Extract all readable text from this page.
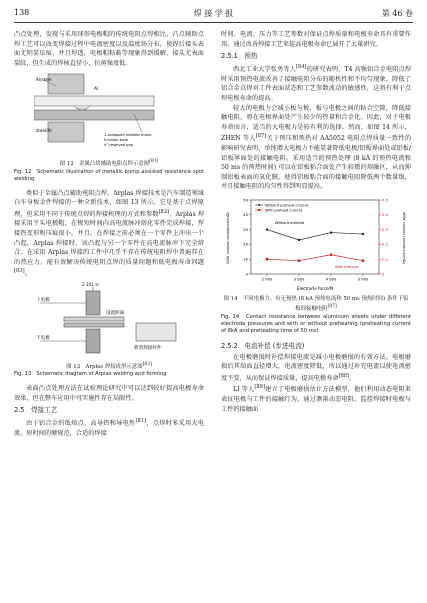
138	焊 接 学 报	第 46 卷

凸点处理，发现与采用球形电极帽的传统电阻点焊相比，凸点辅助点焊工艺可以改变焊接过程中电流密度以及温度场分布，使焊后接头表面无明显压痕，并且焊透，电极帽粘黏等现象得到缓解，接头无表面裂纹，但生成的焊核直径小，抗剪强度低。

Al/steel
Al
steel/Al
1-collapsed metallic bump
II-fusion zone
h°-reserved gap
图 12　金属凸块辅助电阻点焊示意图[81]
Fig. 12　Schematic illustration of metallic bump assisted resistance spot welding

类似于金属凸点辅助电阻点焊，Arplas 焊接技术是汽车制造领域白车身板金件焊接的一种全新技术，如图 13 所示，它是基于点焊原理，但采用不同于传统点焊的焊接机理的方式和参数[82]。Arplas 焊接采用平头电极帽，在极短时间内高电流脉冲熔化零件完成焊接，焊接热变形和压痕很小，并且，在焊接之前必须在一个零件上冲出一个凸起，Arplas 焊接时，该凸起与另一个零件在高电流脉冲下完全熔合。在采用 Arplas 焊接的工件中几乎不存在传统电阻焊中普遍存在的热应力，能有效解决传统电阻点焊的质量问题和低电极寿命问题[83]。

2 241 ls
上电极
设置距离
下电极
典型焊接样件
图 13　Arplas 焊接成形示意图[83]
Fig. 13　Schematic diagram of Arplas welding and forming

表面凸点处理方法在试验理论研究中可以达到较好提高电极寿命效果，但在整车应用中可实施性存在局限性。

2.5　焊接工艺

由于铝合金的低熔点、高导热和导电性[81]，点焊时多采用大电流、短时间的硬规范，合适的焊接

时间、电流、压力等工艺参数对保证点焊质量和电极寿命具有重要作用。通过改善焊接工艺来提高电极寿命已展开了大量研究。

2.5.1　预热

西北工业大学张勇等人[84]的研究表明，T4 高强铝合金电阻点焊时采用预热电流改善了接触电阻分布的随机性和不均匀现象，降低了铝合金点焊对工件表面状态和工艺参数波动的敏感性，这将有利于点焊电极寿命的提高。

较大的电极力会减小板与板、板与电极之间的粘合空隙，降低接触电阻，将在电极界面处产生较少的热量和合金化。因此，对于电极寿命而言，适当的大电极力是较有利的选择。然而，如图 14 所示，ZHEN 等人[87]关于预压和预热对 AA5052 电阻点焊质量一致性的影响研究表明，单纯增大电极力不能显著降低电极/铝板界面处或铝板/铝板界面处的接触电阻。采用适当的预热处理 (8 kA 的预热电流和 50 ms 的预热时间) 可以在铝板粘合面处产生较微的熔融区，从而抑制铝板表面的氧化膜，使得铝板粘合面的接触电阻降低两个数量级，并且接触电阻的均匀性得到明显提高。

W/W contact resistance(mΩ)	W/W contact resistance(mΩ)
Electrode force/N
2 000	3 000	4 000	5 000
0
10
20
30
40
50
0
0.1
0.2
0.3
0.4
0.5
Without preheat current
With preheat current
Without preheat
With preheat
图 14　不同电极力、有无预热 (8 kA 预热电流和 50 ms 预热时间) 条件下铝板间接触电阻[87]
Fig. 14　Contact resistance between aluminum sheets under different electrode pressures and with or without preheating (preheating current of 8kA and preheating time of 50 ms)
2.5.2　电流补偿 (步进电流)

在电极磨损时补偿焊接电流是减小电极磨损的有效方法。电极磨损后其端面直径增大，电流密度降低，所以通过补充电流以使电流密度不变，从而保证焊接质量，提高电极寿命[88]。

LI 等人[89]建立了电极磨损估计方法模型，他们利用动态电阻来表征电极与工件的接触行为，通过测量动态电阻，监控焊接时电极与工件的接触面
